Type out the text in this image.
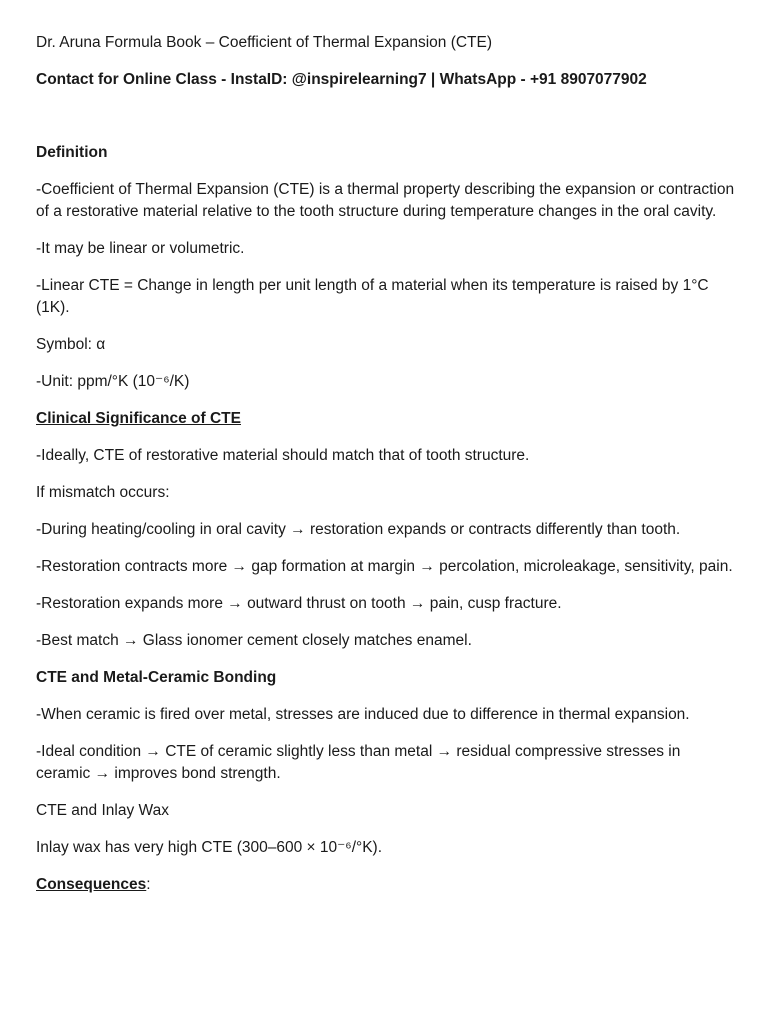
Dr. Aruna Formula Book – Coefficient of Thermal Expansion (CTE)

Contact for Online Class - InstaID: @inspirelearning7 | WhatsApp - +91 8907077902

Definition

-Coefficient of Thermal Expansion (CTE) is a thermal property describing the expansion or contraction of a restorative material relative to the tooth structure during temperature changes in the oral cavity.

-It may be linear or volumetric.

-Linear CTE = Change in length per unit length of a material when its temperature is raised by 1°C (1K).

Symbol: α

-Unit: ppm/°K (10⁻⁶/K)

Clinical Significance of CTE

-Ideally, CTE of restorative material should match that of tooth structure.

If mismatch occurs:

-During heating/cooling in oral cavity → restoration expands or contracts differently than tooth.

-Restoration contracts more → gap formation at margin → percolation, microleakage, sensitivity, pain.

-Restoration expands more → outward thrust on tooth → pain, cusp fracture.

-Best match → Glass ionomer cement closely matches enamel.

CTE and Metal-Ceramic Bonding

-When ceramic is fired over metal, stresses are induced due to difference in thermal expansion.

-Ideal condition → CTE of ceramic slightly less than metal → residual compressive stresses in ceramic → improves bond strength.

CTE and Inlay Wax

Inlay wax has very high CTE (300–600 × 10⁻⁶/°K).

Consequences:
